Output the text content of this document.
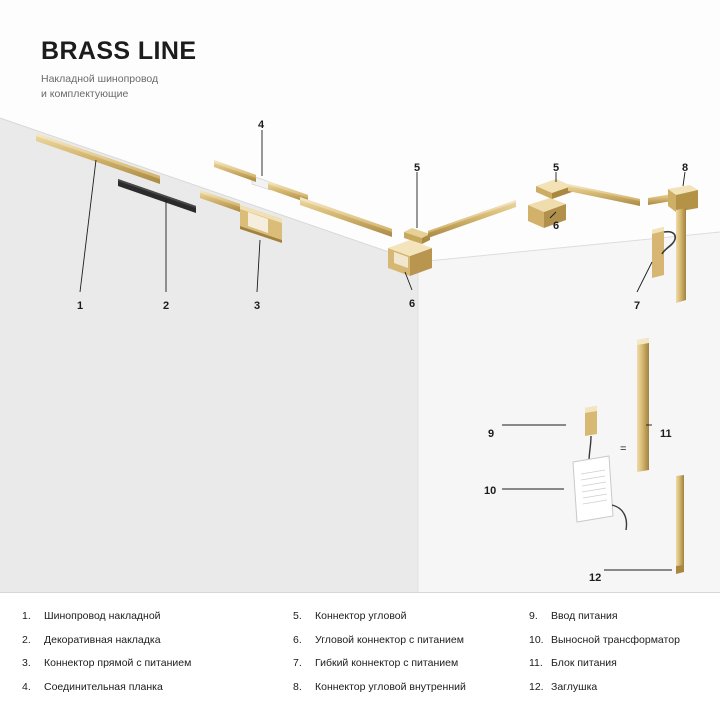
=
BRASS LINE
Накладной шинопровод
и комплектующие
1	2	3
4
5	5
6
6
7
8
9
10
11
12
1.	Шинопровод накладной
2.	Декоративная накладка
3.	Коннектор прямой с питанием
4.	Соединительная планка
5.	Коннектор угловой
6.	Угловой коннектор с питанием
7.	Гибкий коннектор с питанием
8.	Коннектор угловой внутренний
9.	Ввод питания
10. Выносной трансформатор
11. Блок питания
12. Заглушка
